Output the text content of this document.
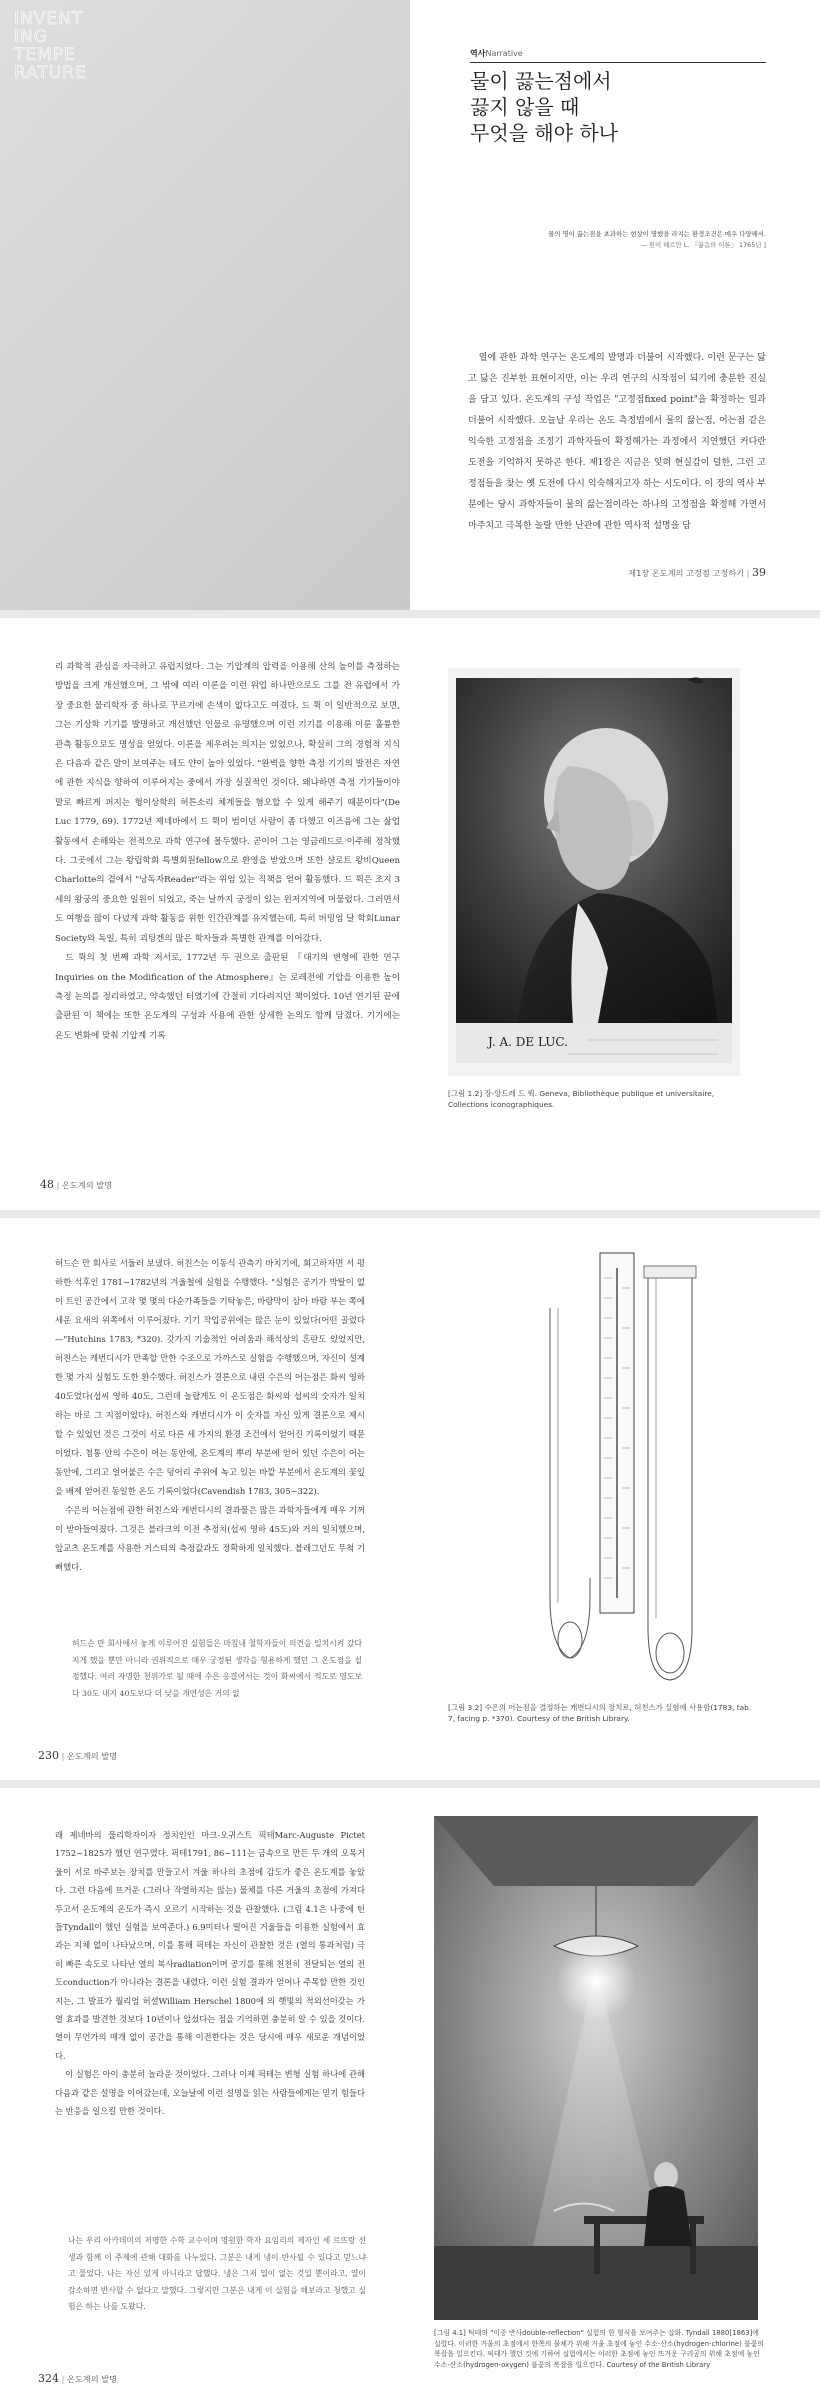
INVENT
ING
TEMPE
RATURE
역사Narrative
물이 끓는점에서
끓지 않을 때
무엇을 해야 하나
물의 명이 끓는점을 초과하는 현상이 명했을 라지는 환경조건은 매우 다양해서.
— 원이 헤르만 L. 『끓음의 이론』 1765년 ]

열에 관한 과학 연구는 온도계의 발명과 더불어 시작했다. 이런 문구는 닳고 닳은 진부한 표현이지만, 이는 우리 연구의 시작점이 되기에 충분한 진실을 담고 있다. 온도계의 구성 작업은 "고정점fixed point"을 확정하는 일과 더불어 시작했다. 오늘날 우리는 온도 측정법에서 물의 끓는점, 어는점 같은 익숙한 고정점을 조정기 과학자들이 확정해가는 과정에서 지연했던 커다란 도전을 기억하지 못하곤 한다. 제1장은 지금은 잊혀 현실감이 덜한, 그런 고정점들을 찾는 옛 도전에 다시 익숙해지고자 하는 시도이다. 이 장의 역사 부분에는 당시 과학자들이 물의 끓는점이라는 하나의 고정점을 확정해 가면서 마주치고 극복한 놀랄 만한 난관에 관한 역사적 설명을 담

제1장 온도계의 고정점 고정하기 | 39

리 과학적 관심을 자극하고 유럽지었다. 그는 기압계의 압력을 이용해 산의 높이를 측정하는 방법을 크게 개선했으며, 그 밖에 여러 이론을 이런 위업 하나만으로도 그를 전 유럽에서 가장 중요한 물리학자 중 하나로 꾸르기에 손색이 없다고도 여겼다. 드 뤽 이 일반적으로 보면, 그는 기상학 기기를 발명하고 개선했던 인물로 유명했으며 이런 기기를 이용해 이룬 훌륭한 관측 활동으로도 명성을 얻었다. 이론을 제우려는 의지는 있었으나, 확실히 그의 경험적 지식은 다음과 같은 말이 보여주는 데도 얀이 높아 있었다. "완벽을 향한 측정 기기의 발전은 자연에 관한 지식을 향하여 이루어지는 중에서 가장 실질적인 것이다. 왜냐하면 측정 기기들이야 말로 빠르게 퍼지는 형이상학의 허튼소리 체계들을 혐오할 수 있게 해주기 때문이다"(De Luc 1779, 69). 1772년 제네바에서 드 뤽이 범이던 사람이 좀 다했고 이즈음에 그는 삶업 활동에서 손해와는 전적으로 과학 연구에 몰두했다. 곧이어 그는 영금레드로 이주해 정착했다. 그곳에서 그는 왕립학회 특별회원fellow으로 환영을 받았으며 또한 샬로트 왕비Queen Charlotte의 곁에서 "낭독자Reader"라는 위엄 있는 직책을 얻어 활동했다. 드 뤽은 조지 3세의 왕궁의 중요한 일원이 되었고, 죽는 날까지 궁정이 있는 윈저지역에 머물렀다. 그러면서도 여행을 많이 다녔게 과학 활동을 위한 인간관계를 유지했는데, 특히 버밍엄 달 학회Lunar Society와 독일, 특히 괴팅겐의 많은 학자들과 특별한 관계를 이어갔다.

드 뤽의 첫 번째 과학 저서로, 1772년 두 권으로 출판된 『대기의 변형에 관한 연구Inquiries on the Modification of the Atmosphere』는 로레전에 기압을 이용한 높이 측정 논의를 정리하였고, 약속했던 터였기에 간절히 기다려지던 책이었다. 10년 연기된 끝에 출판된 이 책에는 또한 온도계의 구성과 사용에 관한 상세한 논의도 함께 담겼다. 기기에는 온도 변화에 맞춰 기압계 기록	J. A. DE LUC.
[그림 1.2] 장-앙드레 드 뤽. Geneva, Bibliothèque publique et universitaire, Collections iconographiques.
48 | 온도계의 발명

허드슨 만 회사로 서둘러 보냈다. 허친스는 이동식 관측기 바치기에, 회고하자면 서 평하한 석후인 1781~1782년의 겨울철에 실험을 수행했다. "실험은 공기가 박탈이 없이 트인 공간에서 고작 몇 몇의 다순가족들을 기탁놓은, 바람막이 삼아 바람 부는 쪽에 세운 요새의 위쪽에서 이루어졌다. 기기 작업공위에는 많은 눈이 있었다(어떤 골렸다—"Hutchins 1783, *320). 갓가지 기술적인 어려움과 해석상의 혼란도 있었지만, 허친스는 캐번디시가 만족할 만한 수조으로 가까스로 실험을 수행했으며, 자신이 설계한 몇 가지 실험도 도한 환수했다. 허친스가 결론으로 내린 수은의 어는점은 화씨 영하 40도였다(섭씨 영하 40도, 그런데 놀랍게도 이 온도점은 화씨와 섭씨의 숫자가 일치하는 바로 그 지점이었다). 허친스와 캐번디시가 이 숫자를 자신 있게 결론으로 제시할 수 있었던 것은 그것이 서로 다른 세 가지의 환경 조건에서 얻어진 기록이었기 때문이었다. 첨통 안의 수은이 어는 동안에, 온도계의 뿌리 부분에 얻어 있던 수은이 어는 동안에, 그리고 얼어붙은 수은 덩어리 주위에 녹고 있는 바깥 부분에서 온도계의 꽃잎을 배제 얻어진 동일한 온도 기록이었다(Cavendish 1783, 305~322).

수은의 어는점에 관한 허친스와 캐번디시의 결과물은 많은 과학자들에게 매우 기꺼이 받아들여졌다. 그것은 블라크의 이전 추정치(섭씨 영하 45도)와 거의 일치했으며, 앞교츠 온도계를 사용한 거스티의 측정값과도 정확하게 일치했다. 블레그던도 무척 기뻐했다.

허드슨 만 회사에서 놓게 이루어진 실험들은 마침내 철학자들이 의견을 일치시켜 갔다지게 했을 뿐만 아니라 권위적으로 매우 궁정된 생각을 형용하게 했던 그 온도점을 설정했다. 여러 자명한 천위가로 될 때에 수은 응결어서는 것이 화씨에서 적도로 영도보다 30도 내지 40도보다 더 낮을 개연성은 거의 없
[그림 3.2] 수은의 어는점을 결정하는 캐번디시의 장치로, 허친스가 실험에 사용함(1783, tab. 7, facing p. *370). Courtesy of the British Library.
230 | 온도계의 발명

래 제네바의 물리학자이자 정치인인 마크-오귀스트 픽테Marc-Auguste Pictet 1752~1825가 했던 연구였다. 픽테1791, 86~111는 금속으로 만든 두 개의 오목거울이 서로 바주보는 장치를 만들고서 겨울 하나의 초점에 감도가 좋은 온도계를 놓았다. 그런 다음에 뜨거운 (그러나 작열하지는 않는) 물체를 다른 거울의 초점에 가져다 두고서 온도계의 온도가 즉시 오르기 시작하는 것을 관찰했다. (그림 4.1은 나중에 틴들Tyndall이 했던 실험을 보여준다.) 6.9미터나 떨어진 거울들을 이용한 실험에서 효과는 지체 없이 나타났으며, 이를 통해 픽테는 자신이 관찰한 것은 (열의 통과처럼) 극히 빠른 속도로 나타난 열의 복사radiation이며 공기를 통해 천천히 전달되는 열의 전도conduction가 아니라는 결론을 내렸다. 이런 실험 결과가 얻어나 주목할 만한 것인지는, 그 발표가 월리엄 허셜William Herschel 1800에 의 햇빛의 적외선이갖는 가열 효과를 발견한 것보다 10년이나 앞섰다는 점을 기억하면 충분히 알 수 있을 것이다. 열이 무언가의 매개 없이 공간을 통해 이전한다는 것은 당시에 매우 새로운 개념이었다.

이 실험은 아이 충분히 놀라운 것이었다. 그러나 이제 픽테는 변형 실험 하나에 관해 다음과 같은 설명을 이어갔는데, 오늘날에 이런 설명을 읽는 사람들에게는 믿기 힘들다는 반응을 일으킬 만한 것이다.

나는 우리 아카데미의 저명한 수학 교수이며 명원한 학자 요임리의 제자인 세 르뜨랑 선생과 함께 이 주제에 관해 대화를 나누었다. 그분은 내게 냉이 반사될 수 있다고 믿느냐고 물었다. 나는 자신 있게 아니라고 답했다. 냉은 그저 열이 없는 것일 뿐이라고, 열이 감소하면 반사할 수 없다고 말했다. 그렇지만 그분은 내게 이 실험을 해보라고 청했고 실험은 하는 나를 도왔다.
[그림 4.1] 틱테의 "이중 반사double-reflection" 실험의 한 형식을 보여주는 삽화. Tyndall 1880[1863]에 실렸다. 이러한 거울의 초점에서 한쪽의 물체가 위해 거울 초점에 놓인 수소-산소(hydrogen-chlorine) 불꽃의 복잡을 일으킨다. 픽테가 했던 것에 기하여 실험에서는 이러한 초점에 놓인 뜨거운 구리공의 위해 초점에 놓인 수소-산소(hydrogen-oxygen) 불꽃의 복잡을 일으킨다. Courtesy of the British Library
324 | 온도계의 발명
